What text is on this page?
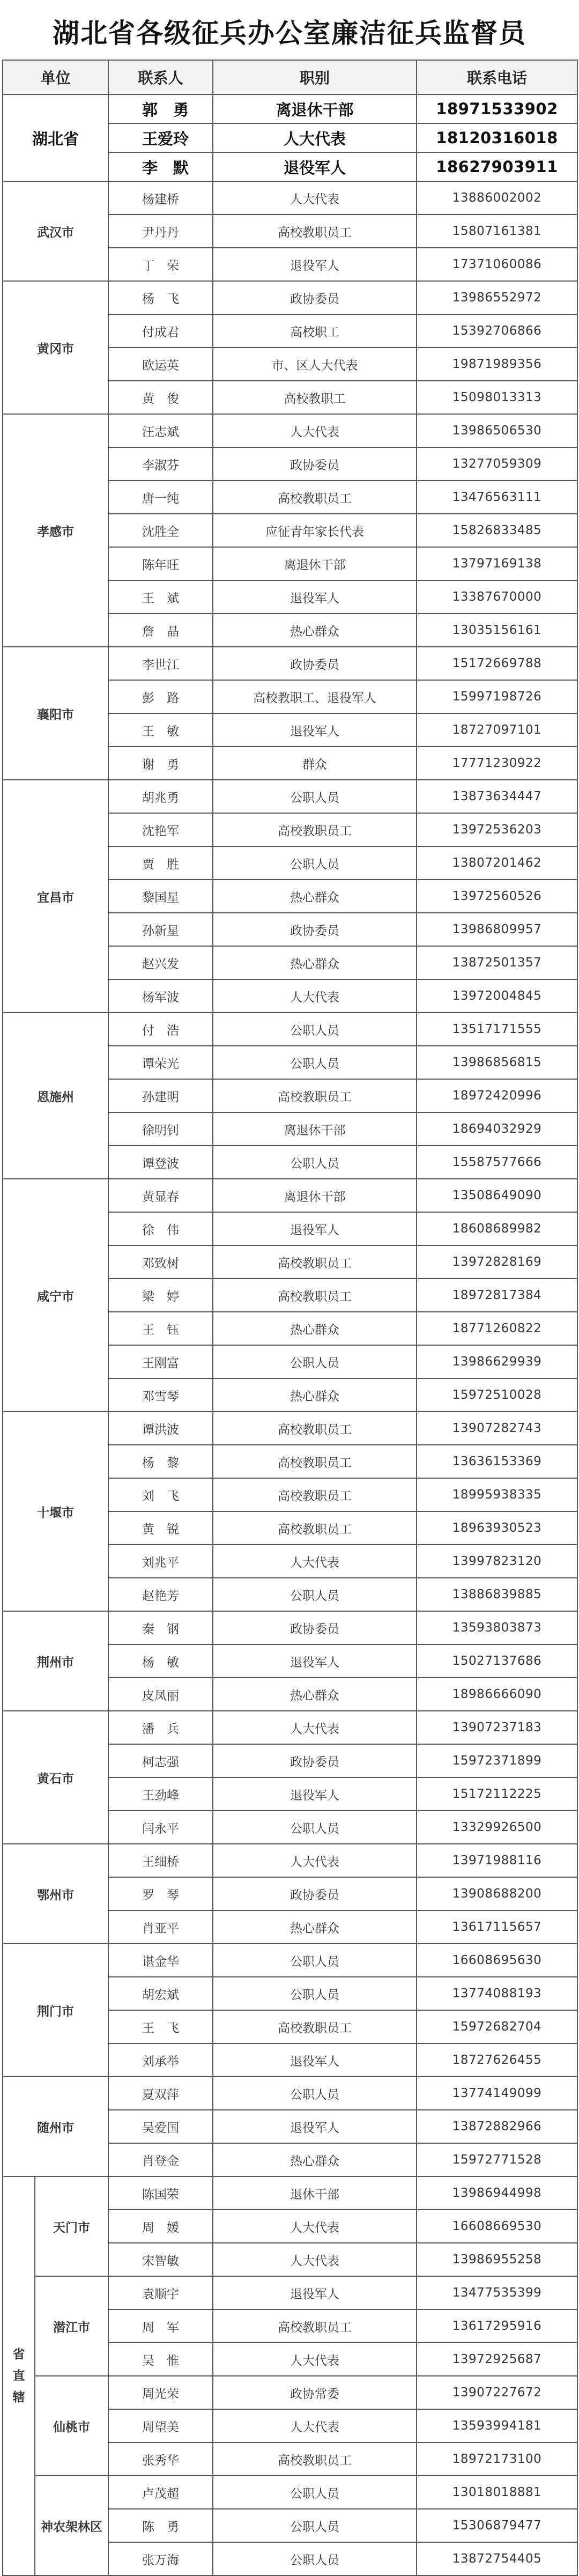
湖北省各级征兵办公室廉洁征兵监督员
单位		联系人	职别	联系电话
湖北省		郭　勇	离退休干部	18971533902
		王爱玲	人大代表	18120316018
		李　默	退役军人	18627903911
武汉市		杨建桥	人大代表	13886002002
		尹丹丹	高校教职员工	15807161381
		丁　荣	退役军人	17371060086
黄冈市		杨　飞	政协委员	13986552972
		付成君	高校职工	15392706866
		欧运英	市、区人大代表	19871989356
		黄　俊	高校教职工	15098013313
孝感市		汪志斌	人大代表	13986506530
		李淑芬	政协委员	13277059309
		唐一纯	高校教职员工	13476563111
		沈胜全	应征青年家长代表	15826833485
		陈年旺	离退休干部	13797169138
		王　斌	退役军人	13387670000
		詹　晶	热心群众	13035156161
襄阳市		李世江	政协委员	15172669788
		彭　路	高校教职工、退役军人	15997198726
		王　敏	退役军人	18727097101
		谢　勇	群众	17771230922
宜昌市		胡兆勇	公职人员	13873634447
		沈艳军	高校教职员工	13972536203
		贾　胜	公职人员	13807201462
		黎国星	热心群众	13972560526
		孙新星	政协委员	13986809957
		赵兴发	热心群众	13872501357
		杨军波	人大代表	13972004845
恩施州		付　浩	公职人员	13517171555
		谭荣光	公职人员	13986856815
		孙建明	高校教职员工	18972420996
		徐明钊	离退休干部	18694032929
		谭登波	公职人员	15587577666
咸宁市		黄显春	离退休干部	13508649090
		徐　伟	退役军人	18608689982
		邓致树	高校教职员工	13972828169
		梁　婷	高校教职员工	18972817384
		王　钰	热心群众	18771260822
		王刚富	公职人员	13986629939
		邓雪琴	热心群众	15972510028
十堰市		谭洪波	高校教职员工	13907282743
		杨　黎	高校教职员工	13636153369
		刘　飞	高校教职员工	18995938335
		黄　锐	高校教职员工	18963930523
		刘兆平	人大代表	13997823120
		赵艳芳	公职人员	13886839885
荆州市		秦　钢	政协委员	13593803873
		杨　敏	退役军人	15027137686
		皮凤丽	热心群众	18986666090
黄石市		潘　兵	人大代表	13907237183
		柯志强	政协委员	15972371899
		王劲峰	退役军人	15172112225
		闫永平	公职人员	13329926500
鄂州市		王细桥	人大代表	13971988116
		罗　琴	政协委员	13908688200
		肖亚平	热心群众	13617115657
荆门市		谌金华	公职人员	16608695630
		胡宏斌	公职人员	13774088193
		王　飞	高校教职员工	15972682704
		刘承举	退役军人	18727626455
随州市		夏双萍	公职人员	13774149099
		吴爱国	退役军人	13872882966
		肖登金	热心群众	15972771528

省
直
辖	天门市	陈国荣	退休干部	13986944998
		周　媛	人大代表	16608669530
		宋智敏	人大代表	13986955258
	潜江市	袁顺宇	退役军人	13477535399
		周　军	高校教职员工	13617295916
		吴　惟	人大代表	13972925687
	仙桃市	周光荣	政协常委	13907227672
		周望美	人大代表	13593994181
		张秀华	高校教职员工	18972173100
	神农架林区	卢茂超	公职人员	13018018881
		陈　勇	公职人员	15306879477
		张万海	公职人员	13872754405
